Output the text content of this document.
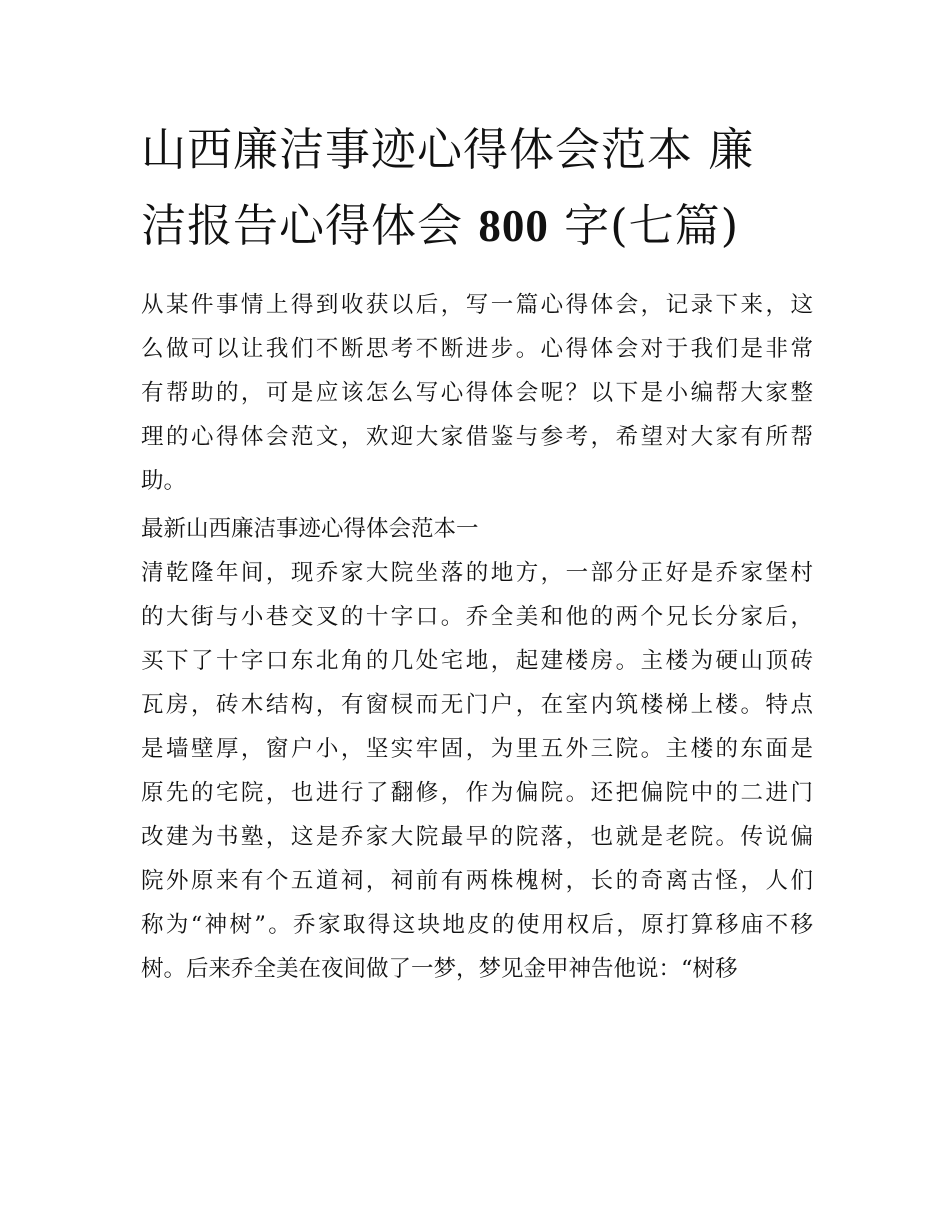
山西廉洁事迹心得体会范本 廉
洁报告心得体会 800 字(七篇)
从某件事情上得到收获以后，写一篇心得体会，记录下来，这
么做可以让我们不断思考不断进步。心得体会对于我们是非常
有帮助的，可是应该怎么写心得体会呢？以下是小编帮大家整
理的心得体会范文，欢迎大家借鉴与参考，希望对大家有所帮
助。

最新山西廉洁事迹心得体会范本一

清乾隆年间，现乔家大院坐落的地方，一部分正好是乔家堡村
的大街与小巷交叉的十字口。乔全美和他的两个兄长分家后，
买下了十字口东北角的几处宅地，起建楼房。主楼为硬山顶砖
瓦房，砖木结构，有窗棂而无门户，在室内筑楼梯上楼。特点
是墙壁厚，窗户小，坚实牢固，为里五外三院。主楼的东面是
原先的宅院，也进行了翻修，作为偏院。还把偏院中的二进门
改建为书塾，这是乔家大院最早的院落，也就是老院。传说偏
院外原来有个五道祠，祠前有两株槐树，长的奇离古怪，人们
称为“神树”。乔家取得这块地皮的使用权后，原打算移庙不移
树。后来乔全美在夜间做了一梦，梦见金甲神告他说：“树移
